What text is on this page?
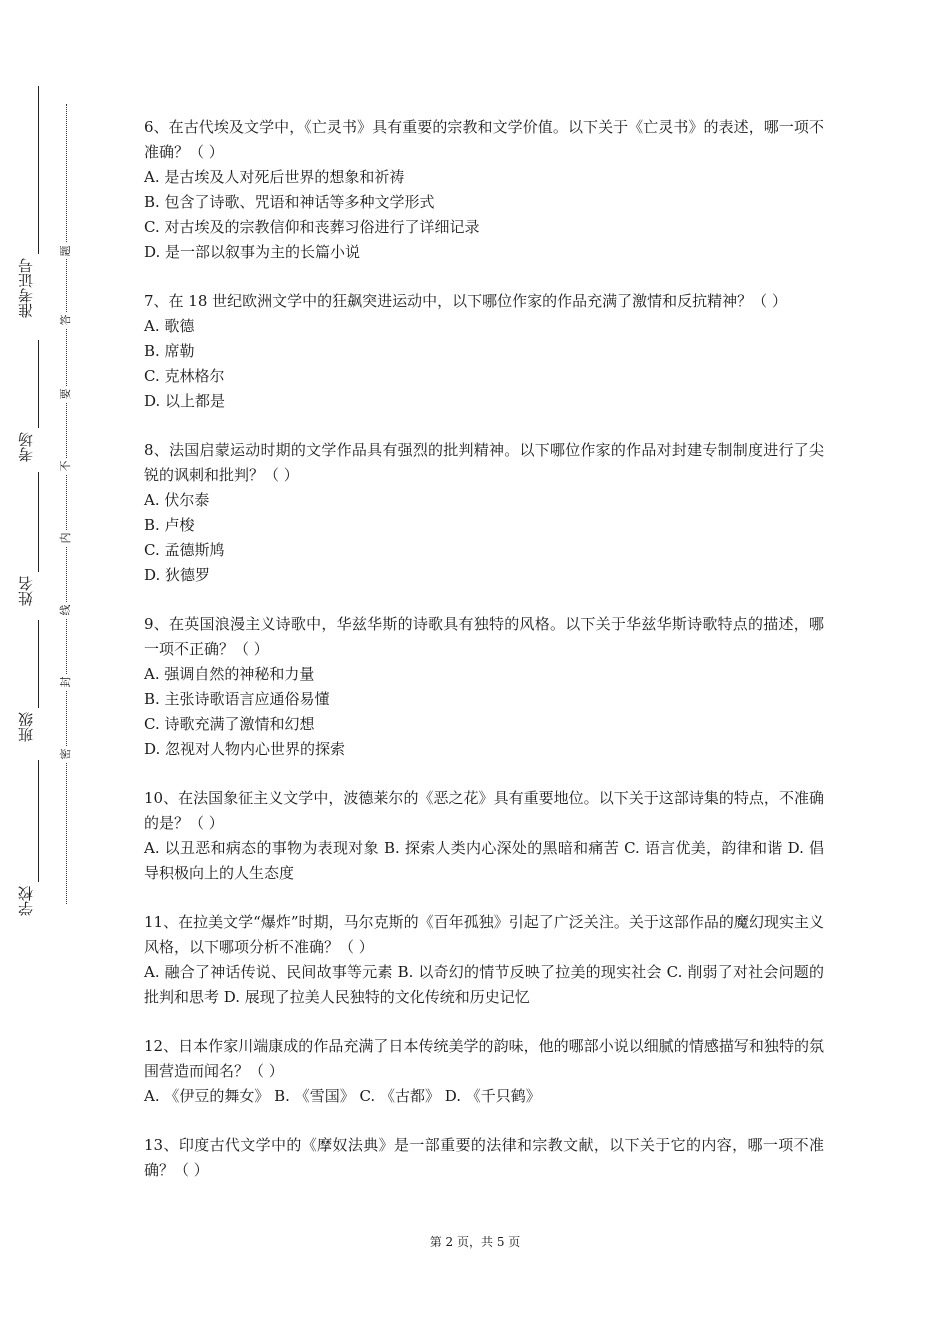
准考证号
考场
姓名
班级
学校
题
答
要
不
内
线
封
密

6、在古代埃及文学中，《亡灵书》具有重要的宗教和文学价值。以下关于《亡灵书》的表述，哪一项不准确？（ ）

A. 是古埃及人对死后世界的想象和祈祷

B. 包含了诗歌、咒语和神话等多种文学形式

C. 对古埃及的宗教信仰和丧葬习俗进行了详细记录

D. 是一部以叙事为主的长篇小说

7、在 18 世纪欧洲文学中的狂飙突进运动中，以下哪位作家的作品充满了激情和反抗精神？（ ）

A. 歌德

B. 席勒

C. 克林格尔

D. 以上都是

8、法国启蒙运动时期的文学作品具有强烈的批判精神。以下哪位作家的作品对封建专制制度进行了尖锐的讽刺和批判？（ ）

A. 伏尔泰

B. 卢梭

C. 孟德斯鸠

D. 狄德罗

9、在英国浪漫主义诗歌中，华兹华斯的诗歌具有独特的风格。以下关于华兹华斯诗歌特点的描述，哪一项不正确？（ ）

A. 强调自然的神秘和力量

B. 主张诗歌语言应通俗易懂

C. 诗歌充满了激情和幻想

D. 忽视对人物内心世界的探索

10、在法国象征主义文学中，波德莱尔的《恶之花》具有重要地位。以下关于这部诗集的特点，不准确的是？（ ）

A. 以丑恶和病态的事物为表现对象 B. 探索人类内心深处的黑暗和痛苦 C. 语言优美，韵律和谐 D. 倡导积极向上的人生态度

11、在拉美文学“爆炸”时期，马尔克斯的《百年孤独》引起了广泛关注。关于这部作品的魔幻现实主义风格，以下哪项分析不准确？（ ）

A. 融合了神话传说、民间故事等元素 B. 以奇幻的情节反映了拉美的现实社会 C. 削弱了对社会问题的批判和思考 D. 展现了拉美人民独特的文化传统和历史记忆

12、日本作家川端康成的作品充满了日本传统美学的韵味，他的哪部小说以细腻的情感描写和独特的氛围营造而闻名？（ ）

A. 《伊豆的舞女》 B. 《雪国》 C. 《古都》 D. 《千只鹤》

13、印度古代文学中的《摩奴法典》是一部重要的法律和宗教文献，以下关于它的内容，哪一项不准确？（ ）

第 2 页，共 5 页
